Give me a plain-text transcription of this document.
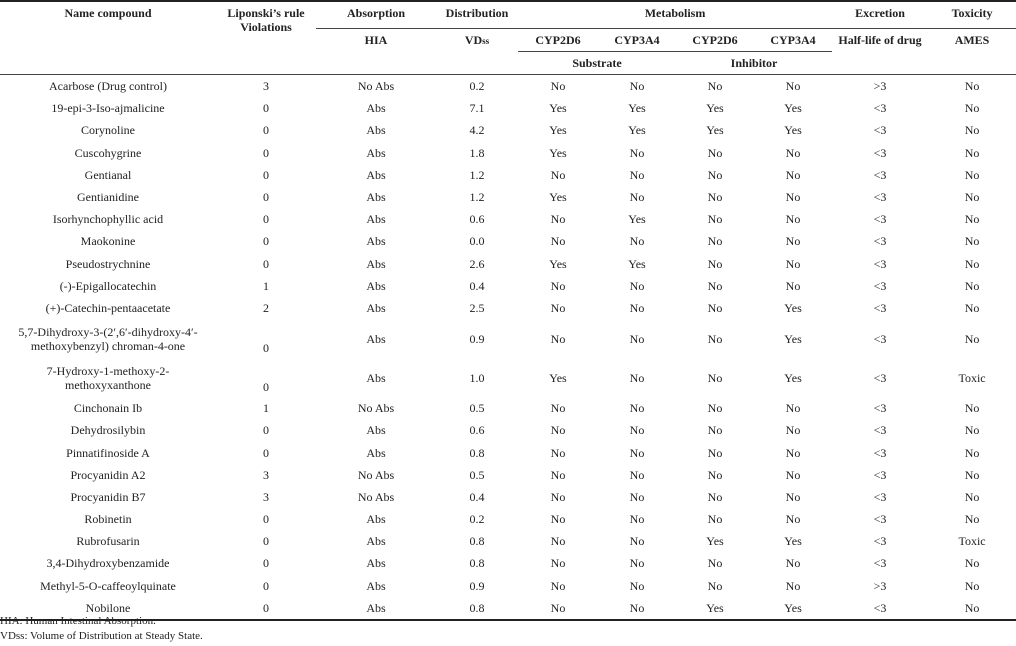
Name compound	Liponski’s rule Violations	Absorption	Distribution	Metabolism				Excretion	Toxicity
		HIA	VDss	CYP2D6	CYP3A4	CYP2D6	CYP3A4	Half-life of drug	AMES
				Substrate		Inhibitor			

Acarbose (Drug control)	3	No Abs	0.2	No	No	No	No	>3	No
19-epi-3-Iso-ajmalicine	0	Abs	7.1	Yes	Yes	Yes	Yes	<3	No
Corynoline	0	Abs	4.2	Yes	Yes	Yes	Yes	<3	No
Cuscohygrine	0	Abs	1.8	Yes	No	No	No	<3	No
Gentianal	0	Abs	1.2	No	No	No	No	<3	No
Gentianidine	0	Abs	1.2	Yes	No	No	No	<3	No
Isorhynchophyllic acid	0	Abs	0.6	No	Yes	No	No	<3	No
Maokonine	0	Abs	0.0	No	No	No	No	<3	No
Pseudostrychnine	0	Abs	2.6	Yes	Yes	No	No	<3	No
(-)-Epigallocatechin	1	Abs	0.4	No	No	No	No	<3	No
(+)-Catechin-pentaacetate	2	Abs	2.5	No	No	No	Yes	<3	No
5,7-Dihydroxy-3-(2′,6′-dihydroxy-4′-methoxybenzyl) chroman-4-one	0	Abs	0.9	No	No	No	Yes	<3	No
7-Hydroxy-1-methoxy-2-methoxyxanthone	0	Abs	1.0	Yes	No	No	Yes	<3	Toxic
Cinchonain Ib	1	No Abs	0.5	No	No	No	No	<3	No
Dehydrosilybin	0	Abs	0.6	No	No	No	No	<3	No
Pinnatifinoside A	0	Abs	0.8	No	No	No	No	<3	No
Procyanidin A2	3	No Abs	0.5	No	No	No	No	<3	No
Procyanidin B7	3	No Abs	0.4	No	No	No	No	<3	No
Robinetin	0	Abs	0.2	No	No	No	No	<3	No
Rubrofusarin	0	Abs	0.8	No	No	Yes	Yes	<3	Toxic
3,4-Dihydroxybenzamide	0	Abs	0.8	No	No	No	No	<3	No
Methyl-5-O-caffeoylquinate	0	Abs	0.9	No	No	No	No	>3	No
Nobilone	0	Abs	0.8	No	No	Yes	Yes	<3	No
HIA: Human Intestinal Absorption.
VDss: Volume of Distribution at Steady State.
